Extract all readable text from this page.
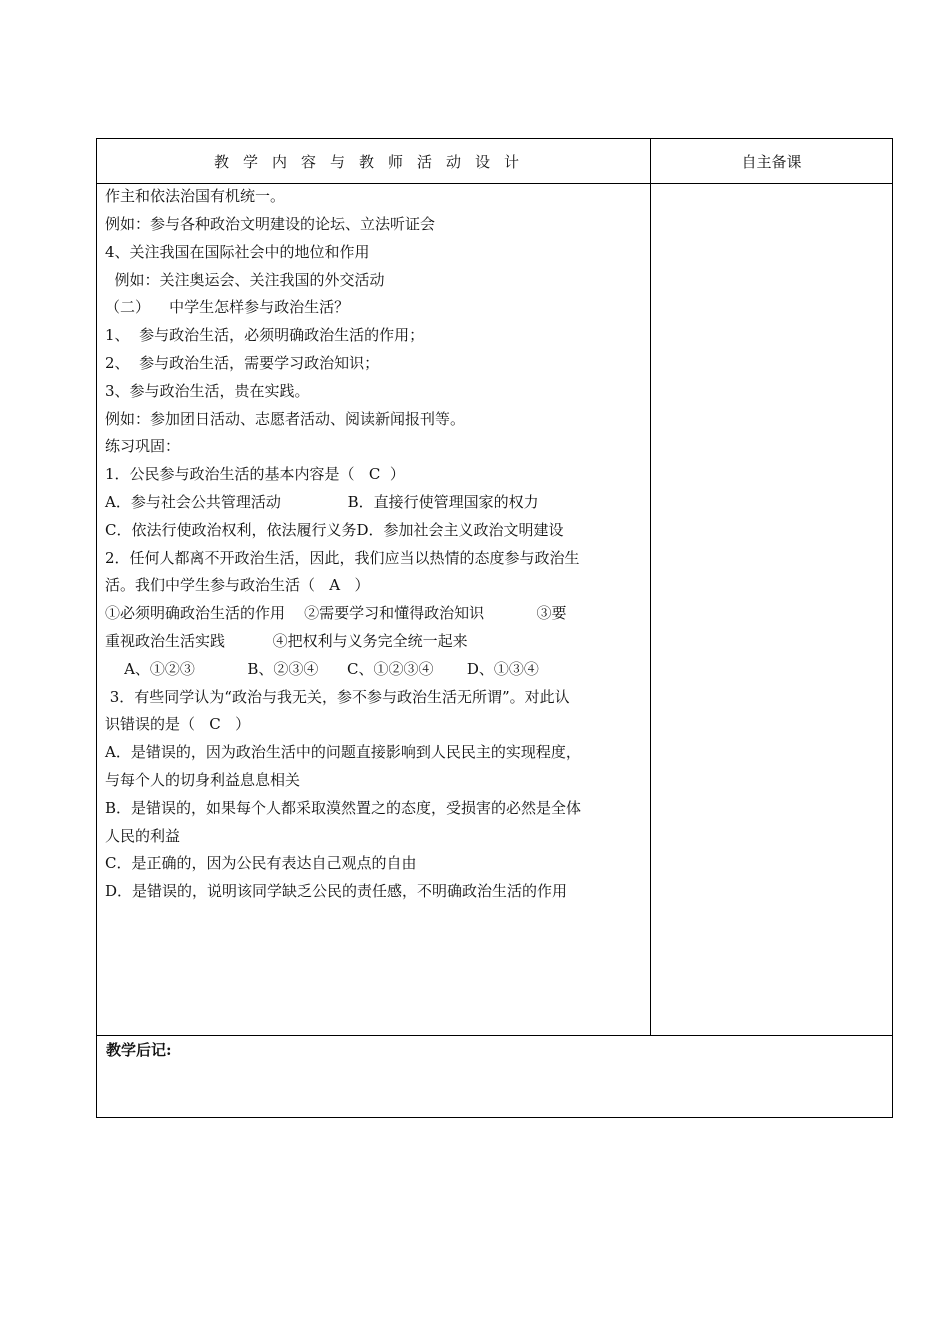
教学内容与教师活动设计	自主备课
作主和依法治国有机统一。
例如：参与各种政治文明建设的论坛、立法听证会
4、关注我国在国际社会中的地位和作用
例如：关注奥运会、关注我国的外交活动
（二）    中学生怎样参与政治生活？
1、  参与政治生活，必须明确政治生活的作用；
2、  参与政治生活，需要学习政治知识；
3、参与政治生活，贵在实践。
例如：参加团日活动、志愿者活动、阅读新闻报刊等。
练习巩固：
1．公民参与政治生活的基本内容是（   C  ）
A．参与社会公共管理活动              B．直接行使管理国家的权力
C．依法行使政治权利，依法履行义务D．参加社会主义政治文明建设
2．任何人都离不开政治生活，因此，我们应当以热情的态度参与政治生
活。我们中学生参与政治生活（   A   ）
①必须明确政治生活的作用    ②需要学习和懂得政治知识           ③要
重视政治生活实践          ④把权利与义务完全统一起来
A、①②③           B、②③④      C、①②③④       D、①③④
3．有些同学认为“政治与我无关，参不参与政治生活无所谓”。对此认
识错误的是（   C   ）
A．是错误的，因为政治生活中的问题直接影响到人民民主的实现程度，
与每个人的切身利益息息相关
B．是错误的，如果每个人都采取漠然置之的态度，受损害的必然是全体
人民的利益
C．是正确的，因为公民有表达自己观点的自由
D．是错误的，说明该同学缺乏公民的责任感，不明确政治生活的作用
教学后记:
